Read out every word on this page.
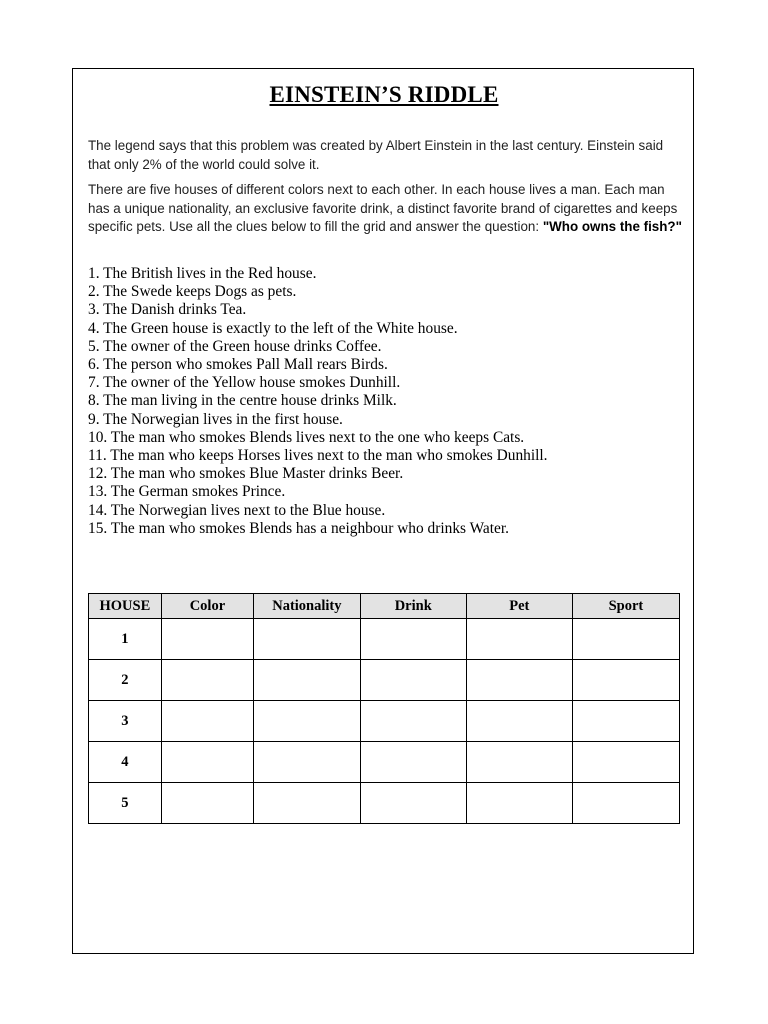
EINSTEIN’S RIDDLE
The legend says that this problem was created by Albert Einstein in the last century. Einstein said that only 2% of the world could solve it.
There are five houses of different colors next to each other. In each house lives a man. Each man has a unique nationality, an exclusive favorite drink, a distinct favorite brand of cigarettes and keeps specific pets. Use all the clues below to fill the grid and answer the question: "Who owns the fish?"
1. The British lives in the Red house.
2. The Swede keeps Dogs as pets.
3. The Danish drinks Tea.
4. The Green house is exactly to the left of the White house.
5. The owner of the Green house drinks Coffee.
6. The person who smokes Pall Mall rears Birds.
7. The owner of the Yellow house smokes Dunhill.
8. The man living in the centre house drinks Milk.
9. The Norwegian lives in the first house.
10. The man who smokes Blends lives next to the one who keeps Cats.
11. The man who keeps Horses lives next to the man who smokes Dunhill.
12. The man who smokes Blue Master drinks Beer.
13. The German smokes Prince.
14. The Norwegian lives next to the Blue house.
15. The man who smokes Blends has a neighbour who drinks Water.
HOUSE	Color	Nationality	Drink	Pet	Sport
1					
2					
3					
4					
5					
